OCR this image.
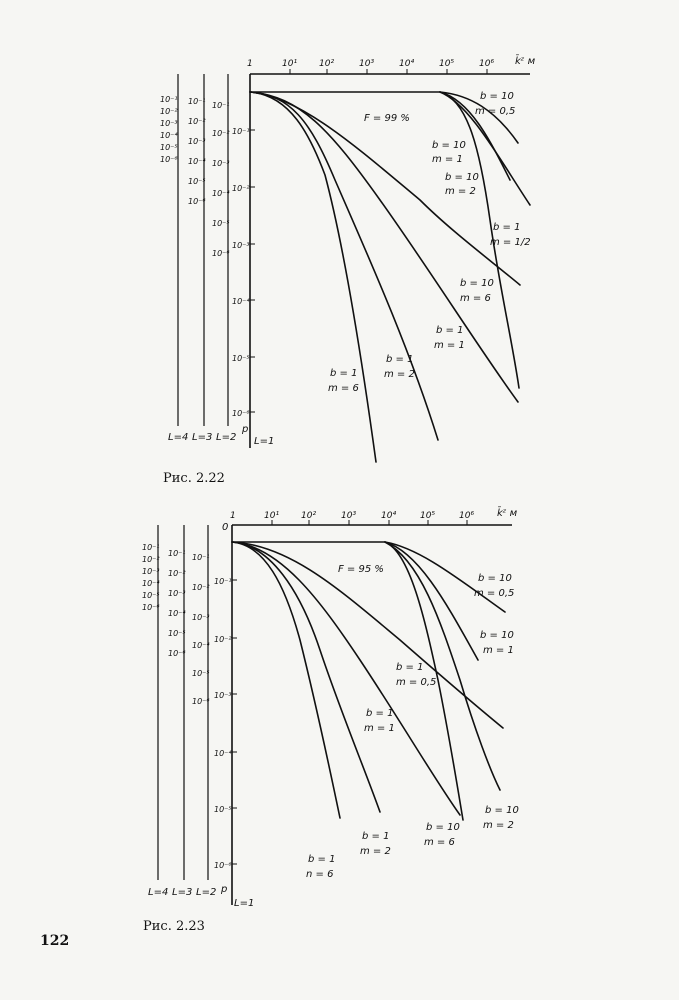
1	10¹ 10²	10³	10⁴	10⁵	10⁶ k̄ᶻ м
10⁻¹
10⁻²
10⁻³
10⁻⁴
10⁻⁵
10⁻⁶
10⁻¹
10⁻²
10⁻³
10⁻⁴
10⁻⁵
10⁻⁶
10⁻¹
10⁻²
10⁻³
10⁻⁴
10⁻⁵
10⁻⁶
10⁻¹
10⁻²
10⁻³
10⁻⁴
10⁻⁵
10⁻⁶
L=4 L=3 L=2
p
L=1
F = 99 %
b = 10
m = 0,5
b = 10
m = 1
b = 10
m = 2
b = 1
m = 1/2
b = 10
m = 6
b = 1
m = 1
b = 1
m = 2
b = 1
m = 6
Рис. 2.22
1	10¹ 10²	10³	10⁴	10⁵	10⁶ k̄ᶻ м
0
10⁻¹
10⁻²
10⁻³
10⁻⁴
10⁻⁵
10⁻⁶
10⁻¹
10⁻²
10⁻³
10⁻⁴
10⁻⁵
10⁻⁶
10⁻¹
10⁻²
10⁻³
10⁻⁴
10⁻⁵
10⁻⁶
10⁻¹
10⁻²
10⁻³
10⁻⁴
10⁻⁵
10⁻⁶
L=4 L=3 L=2 p
L=1
F = 95 %
b = 10
m = 0,5
b = 10
m = 1
b = 1
m = 0,5
b = 1
m = 1
b = 10
m = 2
b = 10
m = 6
b = 1
m = 2
b = 1
n = 6
Рис. 2.23
122
